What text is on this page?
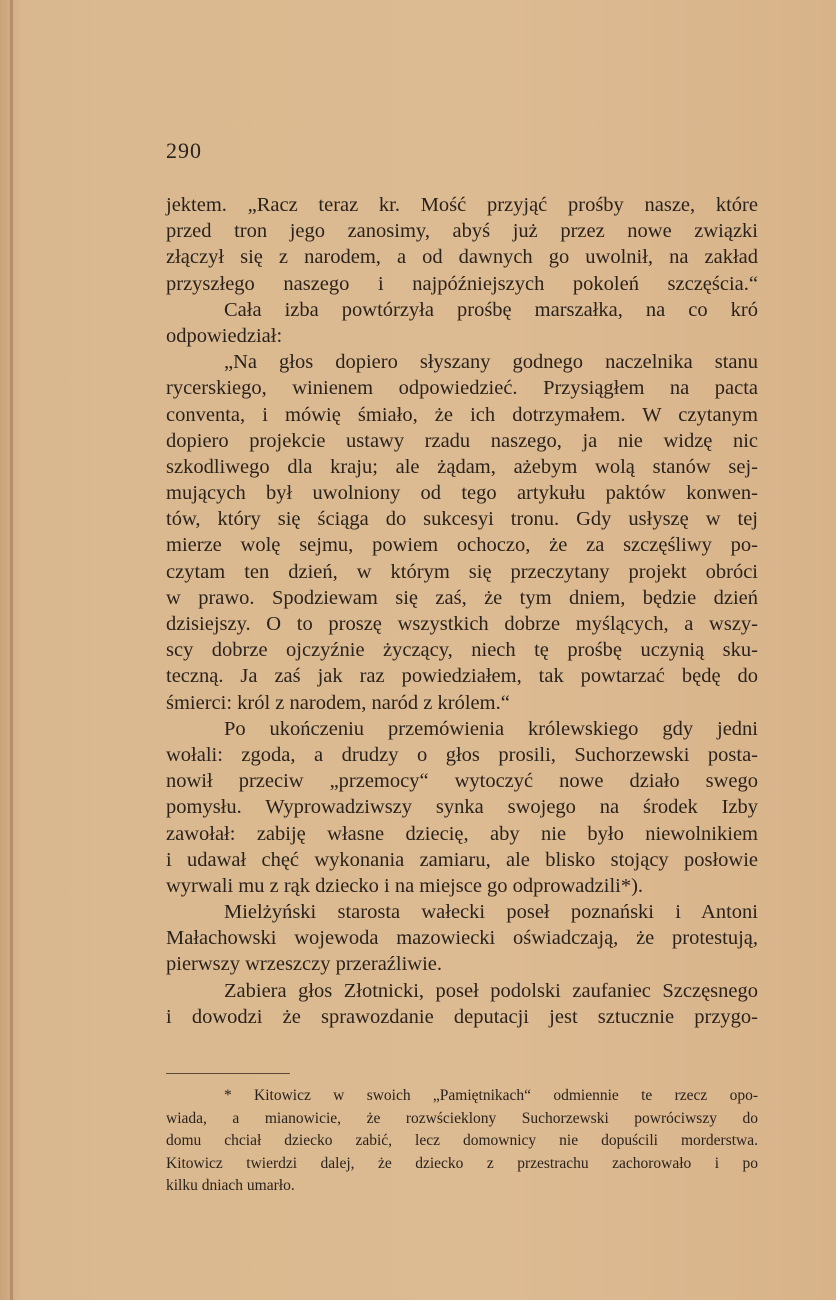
290
jektem. „Racz teraz kr. Mość przyjąć prośby nasze, które
przed tron jego zanosimy, abyś już przez nowe związki
złączył się z narodem, a od dawnych go uwolnił, na zakład
przyszłego naszego i najpóźniejszych pokoleń szczęścia.“
Cała izba powtórzyła prośbę marszałka, na co kró
odpowiedział:
„Na głos dopiero słyszany godnego naczelnika stanu
rycerskiego, winienem odpowiedzieć. Przysiągłem na pacta
conventa, i mówię śmiało, że ich dotrzymałem. W czytanym
dopiero projekcie ustawy rzadu naszego, ja nie widzę nic
szkodliwego dla kraju; ale żądam, ażebym wolą stanów sej-
mujących był uwolniony od tego artykułu paktów konwen-
tów, który się ściąga do sukcesyi tronu. Gdy usłyszę w tej
mierze wolę sejmu, powiem ochoczo, że za szczęśliwy po-
czytam ten dzień, w którym się przeczytany projekt obróci
w prawo. Spodziewam się zaś, że tym dniem, będzie dzień
dzisiejszy. O to proszę wszystkich dobrze myślących, a wszy-
scy dobrze ojczyźnie życzący, niech tę prośbę uczynią sku-
teczną. Ja zaś jak raz powiedziałem, tak powtarzać będę do
śmierci: król z narodem, naród z królem.“
Po ukończeniu przemówienia królewskiego gdy jedni
wołali: zgoda, a drudzy o głos prosili, Suchorzewski posta-
nowił przeciw „przemocy“ wytoczyć nowe działo swego
pomysłu. Wyprowadziwszy synka swojego na środek Izby
zawołał: zabiję własne dziecię, aby nie było niewolnikiem
i udawał chęć wykonania zamiaru, ale blisko stojący posłowie
wyrwali mu z rąk dziecko i na miejsce go odprowadzili*).
Mielżyński starosta wałecki poseł poznański i Antoni
Małachowski wojewoda mazowiecki oświadczają, że protestują,
pierwszy wrzeszczy przeraźliwie.
Zabiera głos Złotnicki, poseł podolski zaufaniec Szczęsnego
i dowodzi że sprawozdanie deputacji jest sztucznie przygo-
* Kitowicz w swoich „Pamiętnikach“ odmiennie te rzecz opo-
wiada, a mianowicie, że rozwścieklony Suchorzewski powróciwszy do
domu chciał dziecko zabić, lecz domownicy nie dopuścili morderstwa.
Kitowicz twierdzi dalej, że dziecko z przestrachu zachorowało i po
kilku dniach umarło.
